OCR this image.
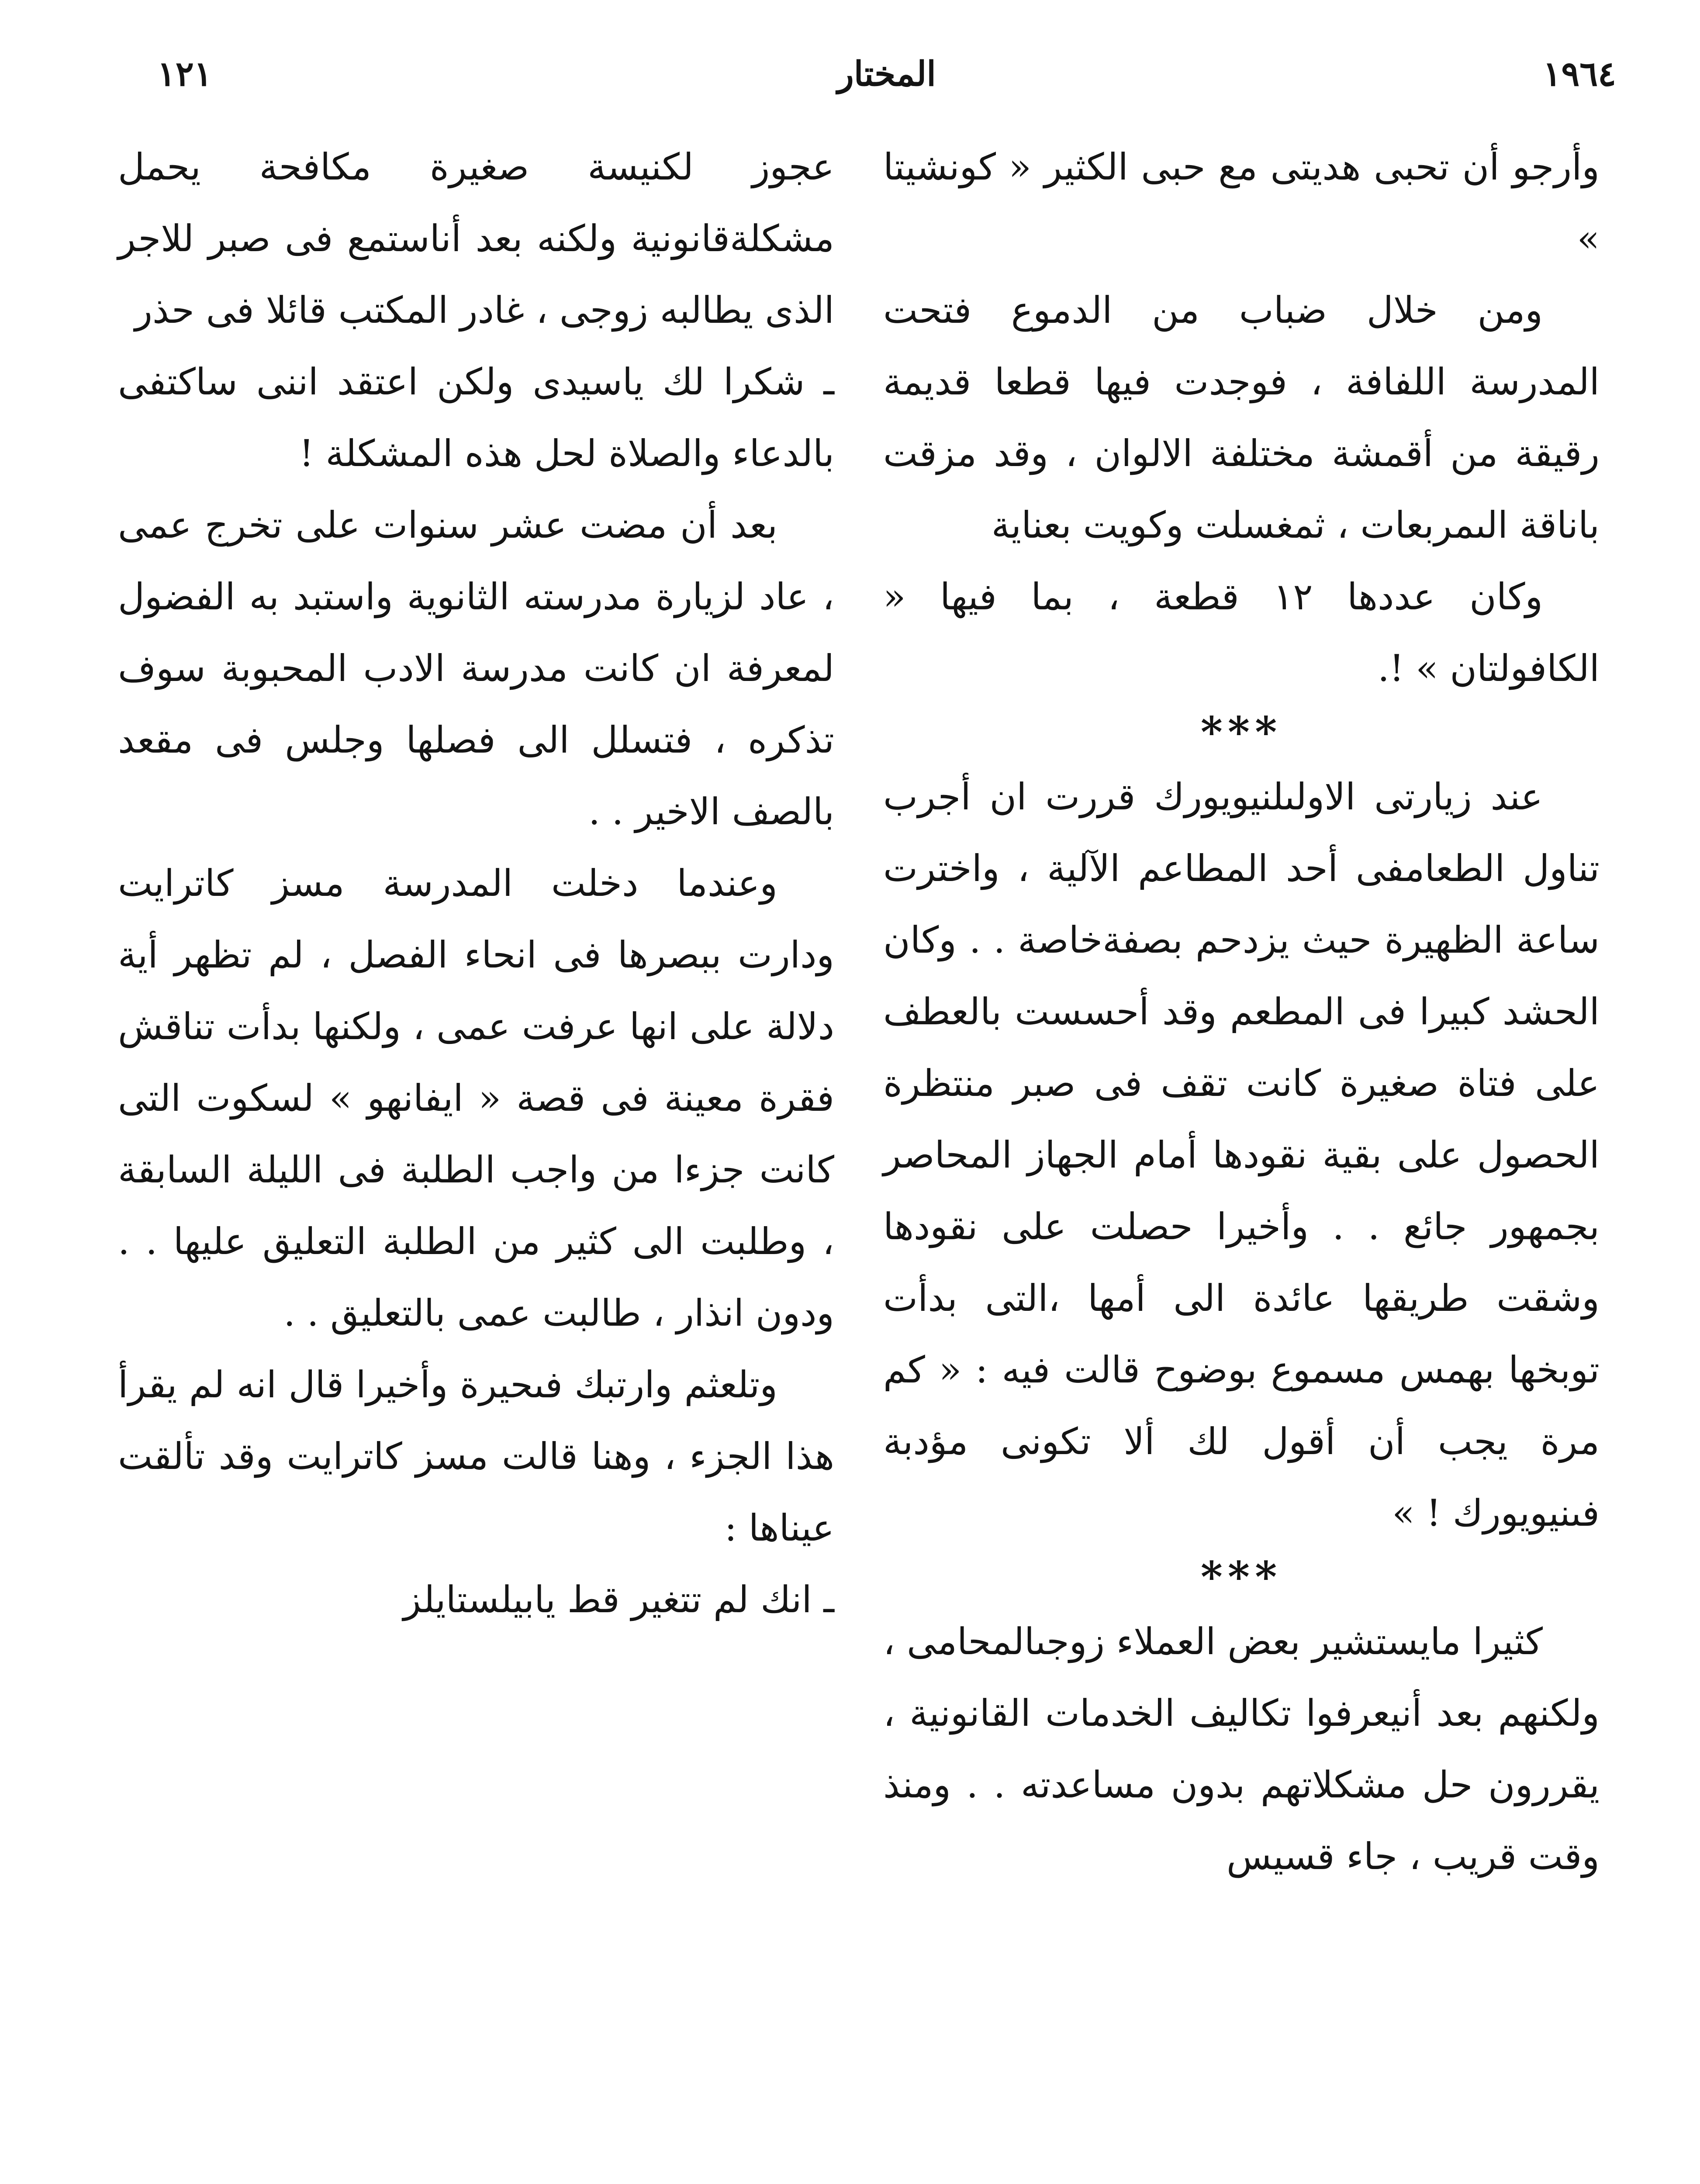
١٩٦٤
المختار
١٢١

وأرجو أن تحبى هديتى مع حبى الكثير « كونشيتا »

ومن خلال ضباب من الدموع فتحت المدرسة اللفافة ، فوجدت فيها قطعا قديمة رقيقة من أقمشة مختلفة الالوان ، وقد مزقت باناقة الىمربعات ، ثمغسلت وكويت بعناية

وكان عددها ١٢ قطعة ، بما فيها « الكافولتان » !.

***

عند زيارتى الاولىلنيويورك قررت ان أجرب تناول الطعامفى أحد المطاعم الآلية ، واخترت ساعة الظهيرة حيث يزدحم بصفةخاصة . . وكان الحشد كبيرا فى المطعم وقد أحسست بالعطف على فتاة صغيرة كانت تقف فى صبر منتظرة الحصول على بقية نقودها أمام الجهاز المحاصر بجمهور جائع . . وأخيرا حصلت على نقودها وشقت طريقها عائدة الى أمها ،التى بدأت توبخها بهمس مسموع بوضوح قالت فيه : « كم مرة يجب أن أقول لك ألا تكونى مؤدبة فىنيويورك ! »

***

كثيرا مايستشير بعض العملاء زوجىالمحامى ، ولكنهم بعد أنيعرفوا تكاليف الخدمات القانونية ، يقررون حل مشكلاتهم بدون مساعدته . . ومنذ وقت قريب ، جاء قسيس

عجوز لكنيسة صغيرة مكافحة يحمل مشكلةقانونية ولكنه بعد أناستمع فى صبر للاجر الذى يطالبه زوجى ، غادر المكتب قائلا فى حذر

ـ شكرا لك ياسيدى ولكن اعتقد اننى ساكتفى بالدعاء والصلاة لحل هذه المشكلة !

بعد أن مضت عشر سنوات على تخرج عمى ، عاد لزيارة مدرسته الثانوية واستبد به الفضول لمعرفة ان كانت مدرسة الادب المحبوبة سوف تذكره ، فتسلل الى فصلها وجلس فى مقعد بالصف الاخير . .

وعندما دخلت المدرسة مسز كاترايت ودارت ببصرها فى انحاء الفصل ، لم تظهر أية دلالة على انها عرفت عمى ، ولكنها بدأت تناقش فقرة معينة فى قصة « ايفانهو » لسكوت التى كانت جزءا من واجب الطلبة فى الليلة السابقة ، وطلبت الى كثير من الطلبة التعليق عليها . . ودون انذار ، طالبت عمى بالتعليق . .

وتلعثم وارتبك فىحيرة وأخيرا قال انه لم يقرأ هذا الجزء ، وهنا قالت مسز كاترايت وقد تألقت عيناها :

ـ انك لم تتغير قط يابيلستايلز
